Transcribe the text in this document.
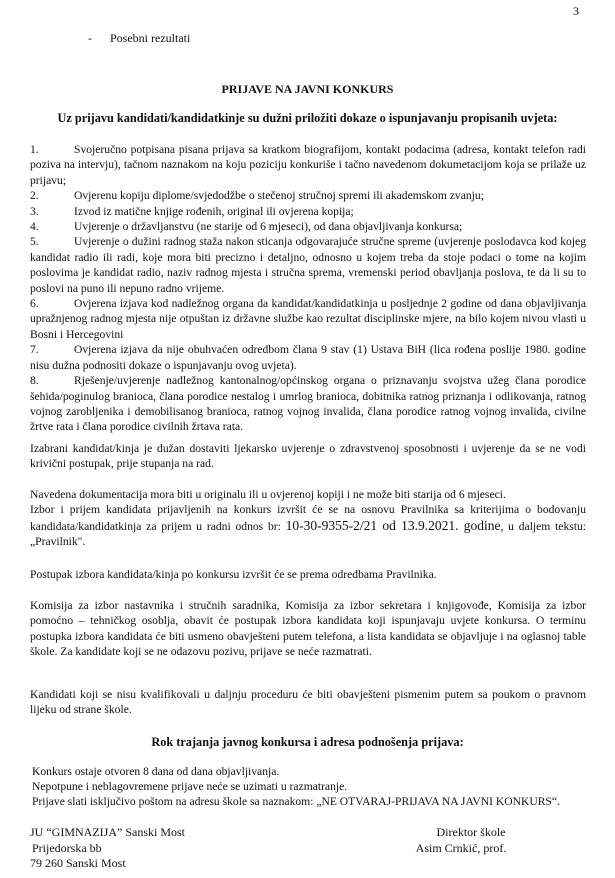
3
- Posebni rezultati
PRIJAVE NA JAVNI KONKURS
Uz prijavu kandidati/kandidatkinje su dužni priložiti dokaze o ispunjavanju propisanih uvjeta:
1.	Svojeručno potpisana pisana prijava sa kratkom biografijom, kontakt podacima (adresa, kontakt telefon radi poziva na intervju), tačnom naznakom na koju poziciju konkuriše i tačno navedenom dokumetacijom koja se prilaže uz prijavu;
2.	Ovjerenu kopiju diplome/svjedodžbe o stečenoj stručnoj spremi ili akademskom zvanju;
3.	Izvod iz matične knjige rođenih, original ili ovjerena kopija;
4.	Uvjerenje o državljanstvu (ne starije od 6 mjeseci), od dana objavljivanja konkursa;
5.	Uvjerenje o dužini radnog staža nakon sticanja odgovarajuće stručne spreme (uvjerenje poslodavca kod kojeg kandidat radio ili radi, koje mora biti precizno i detaljno, odnosno u kojem treba da stoje podaci o tome na kojim poslovima je kandidat radio, naziv radnog mjesta i stručna sprema, vremenski period obavljanja poslova, te da li su to poslovi na puno ili nepuno radno vrijeme.
6.	Ovjerena izjava kod nadležnog organa da kandidat/kandidatkinja u posljednje 2 godine od dana objavljivanja upražnjenog radnog mjesta nije otpuštan iz državne službe kao rezultat disciplinske mjere, na bilo kojem nivou vlasti u Bosni i Hercegovini
7.	Ovjerena izjava da nije obuhvaćen odredbom člana 9 stav (1) Ustava BiH (lica rođena poslije 1980. godine nisu dužna podnositi dokaze o ispunjavanju ovog uvjeta).
8.	Rješenje/uvjerenje nadležnog kantonalnog/općinskog organa o priznavanju svojstva užeg člana porodice šehida/poginulog branioca, člana porodice nestalog i umrlog branioca, dobitnika ratnog priznanja i odlikovanja, ratnog vojnog zarobljenika i demobilisanog branioca, ratnog vojnog invalida, člana porodice ratnog vojnog invalida, civilne žrtve rata i člana porodice civilnih žrtava rata.
Izabrani kandidat/kinja je dužan dostaviti ljekarsko uvjerenje o zdravstvenoj sposobnosti i uvjerenje da se ne vodi krivični postupak, prije stupanja na rad.

Navedena dokumentacija mora biti u originalu ili u ovjerenoj kopiji i ne može biti starija od 6 mjeseci.

Izbor i prijem kandidata prijavljenih na konkurs izvršit će se na osnovu Pravilnika sa kriterijima o bodovanju kandidata/kandidatkinja za prijem u radni odnos br: 10-30-9355-2/21 od 13.9.2021. godine, u daljem tekstu: „Pravilnik".

Postupak izbora kandidata/kinja po konkursu izvršit će se prema odredbama Pravilnika.
Komisija za izbor nastavnika i stručnih saradnika, Komisija za izbor sekretara i knjigovođe, Komisija za izbor pomoćno – tehničkog osoblja, obavit će postupak izbora kandidata koji ispunjavaju uvjete konkursa. O terminu postupka izbora kandidata će biti usmeno obavješteni putem telefona, a lista kandidata se objavljuje i na oglasnoj table škole. Za kandidate koji se ne odazovu pozivu, prijave se neće razmatrati.
Kandidati koji se nisu kvalifikovali u daljnju proceduru će biti obavješteni pismenim putem sa poukom o pravnom lijeku od strane škole.
Rok trajanja javnog konkursa i adresa podnošenja prijava:
Konkurs ostaje otvoren 8 dana od dana objavljivanja.
Nepotpune i neblagovremene prijave neće se uzimati u razmatranje.
Prijave slati isključivo poštom na adresu škole sa naznakom: „NE OTVARAJ-PRIJAVA NA JAVNI KONKURS“.
JU “GIMNAZIJA” Sanski Most
Prijedorska bb
79 260 Sanski Most
Direktor škole
Asim Crnkić, prof.
